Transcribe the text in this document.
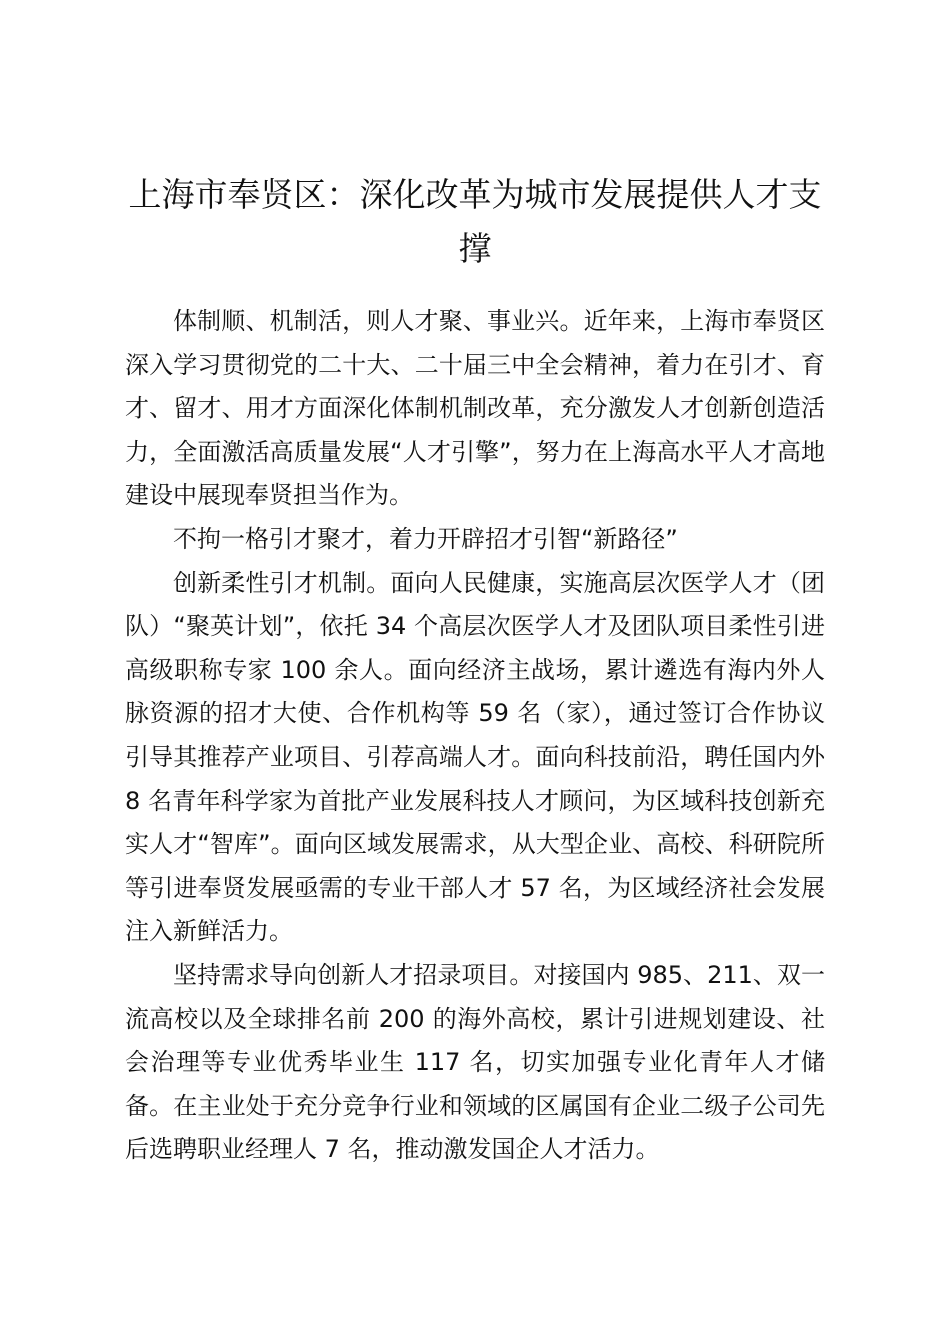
上海市奉贤区：深化改革为城市发展提供人才支撑

体制顺、机制活，则人才聚、事业兴。近年来，上海市奉贤区深入学习贯彻党的二十大、二十届三中全会精神，着力在引才、育才、留才、用才方面深化体制机制改革，充分激发人才创新创造活力，全面激活高质量发展“人才引擎”，努力在上海高水平人才高地建设中展现奉贤担当作为。

不拘一格引才聚才，着力开辟招才引智“新路径”

创新柔性引才机制。面向人民健康，实施高层次医学人才（团队）“聚英计划”，依托 34 个高层次医学人才及团队项目柔性引进高级职称专家 100 余人。面向经济主战场，累计遴选有海内外人脉资源的招才大使、合作机构等 59 名（家），通过签订合作协议引导其推荐产业项目、引荐高端人才。面向科技前沿，聘任国内外 8 名青年科学家为首批产业发展科技人才顾问，为区域科技创新充实人才“智库”。面向区域发展需求，从大型企业、高校、科研院所等引进奉贤发展亟需的专业干部人才 57 名，为区域经济社会发展注入新鲜活力。

坚持需求导向创新人才招录项目。对接国内 985、211、双一流高校以及全球排名前 200 的海外高校，累计引进规划建设、社会治理等专业优秀毕业生 117 名，切实加强专业化青年人才储备。在主业处于充分竞争行业和领域的区属国有企业二级子公司先后选聘职业经理人 7 名，推动激发国企人才活力。
